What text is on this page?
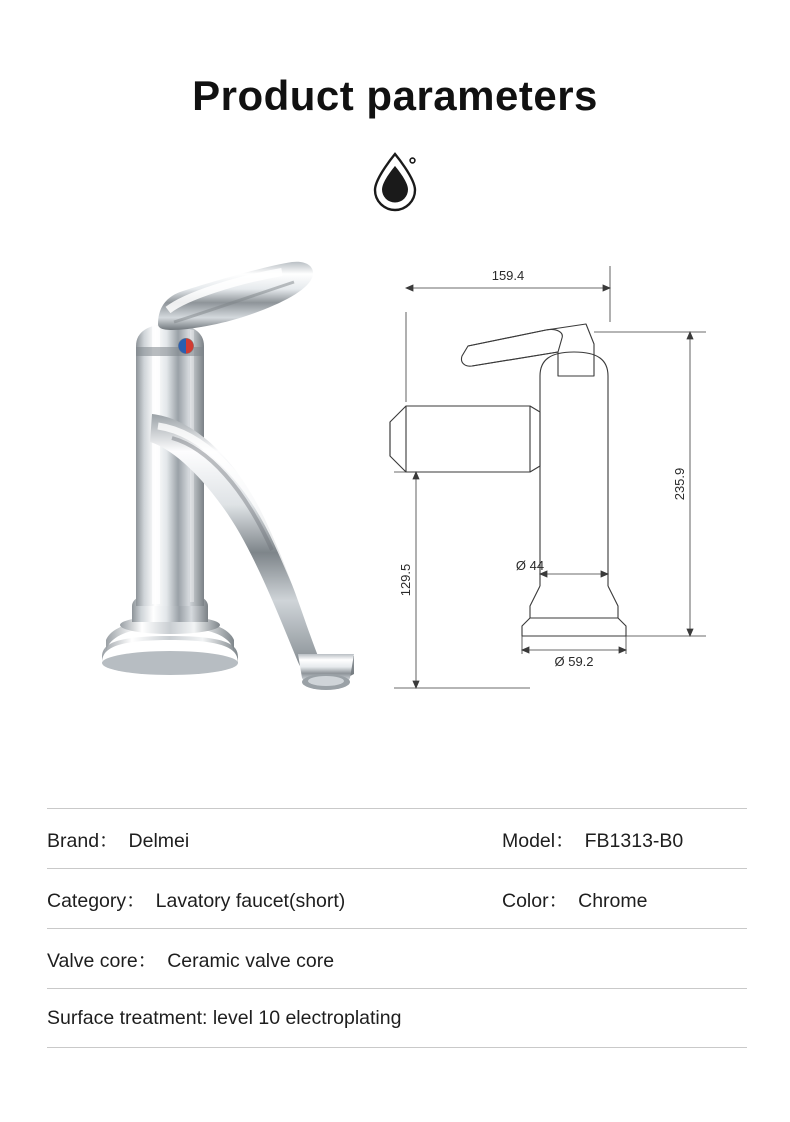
Product parameters
159.4
129.5
235.9
Ø 44
Ø 59.2
Brand： Delmei	Model： FB1313-B0
Category： Lavatory faucet(short)	Color： Chrome
Valve core： Ceramic valve core
Surface treatment: level 10 electroplating
